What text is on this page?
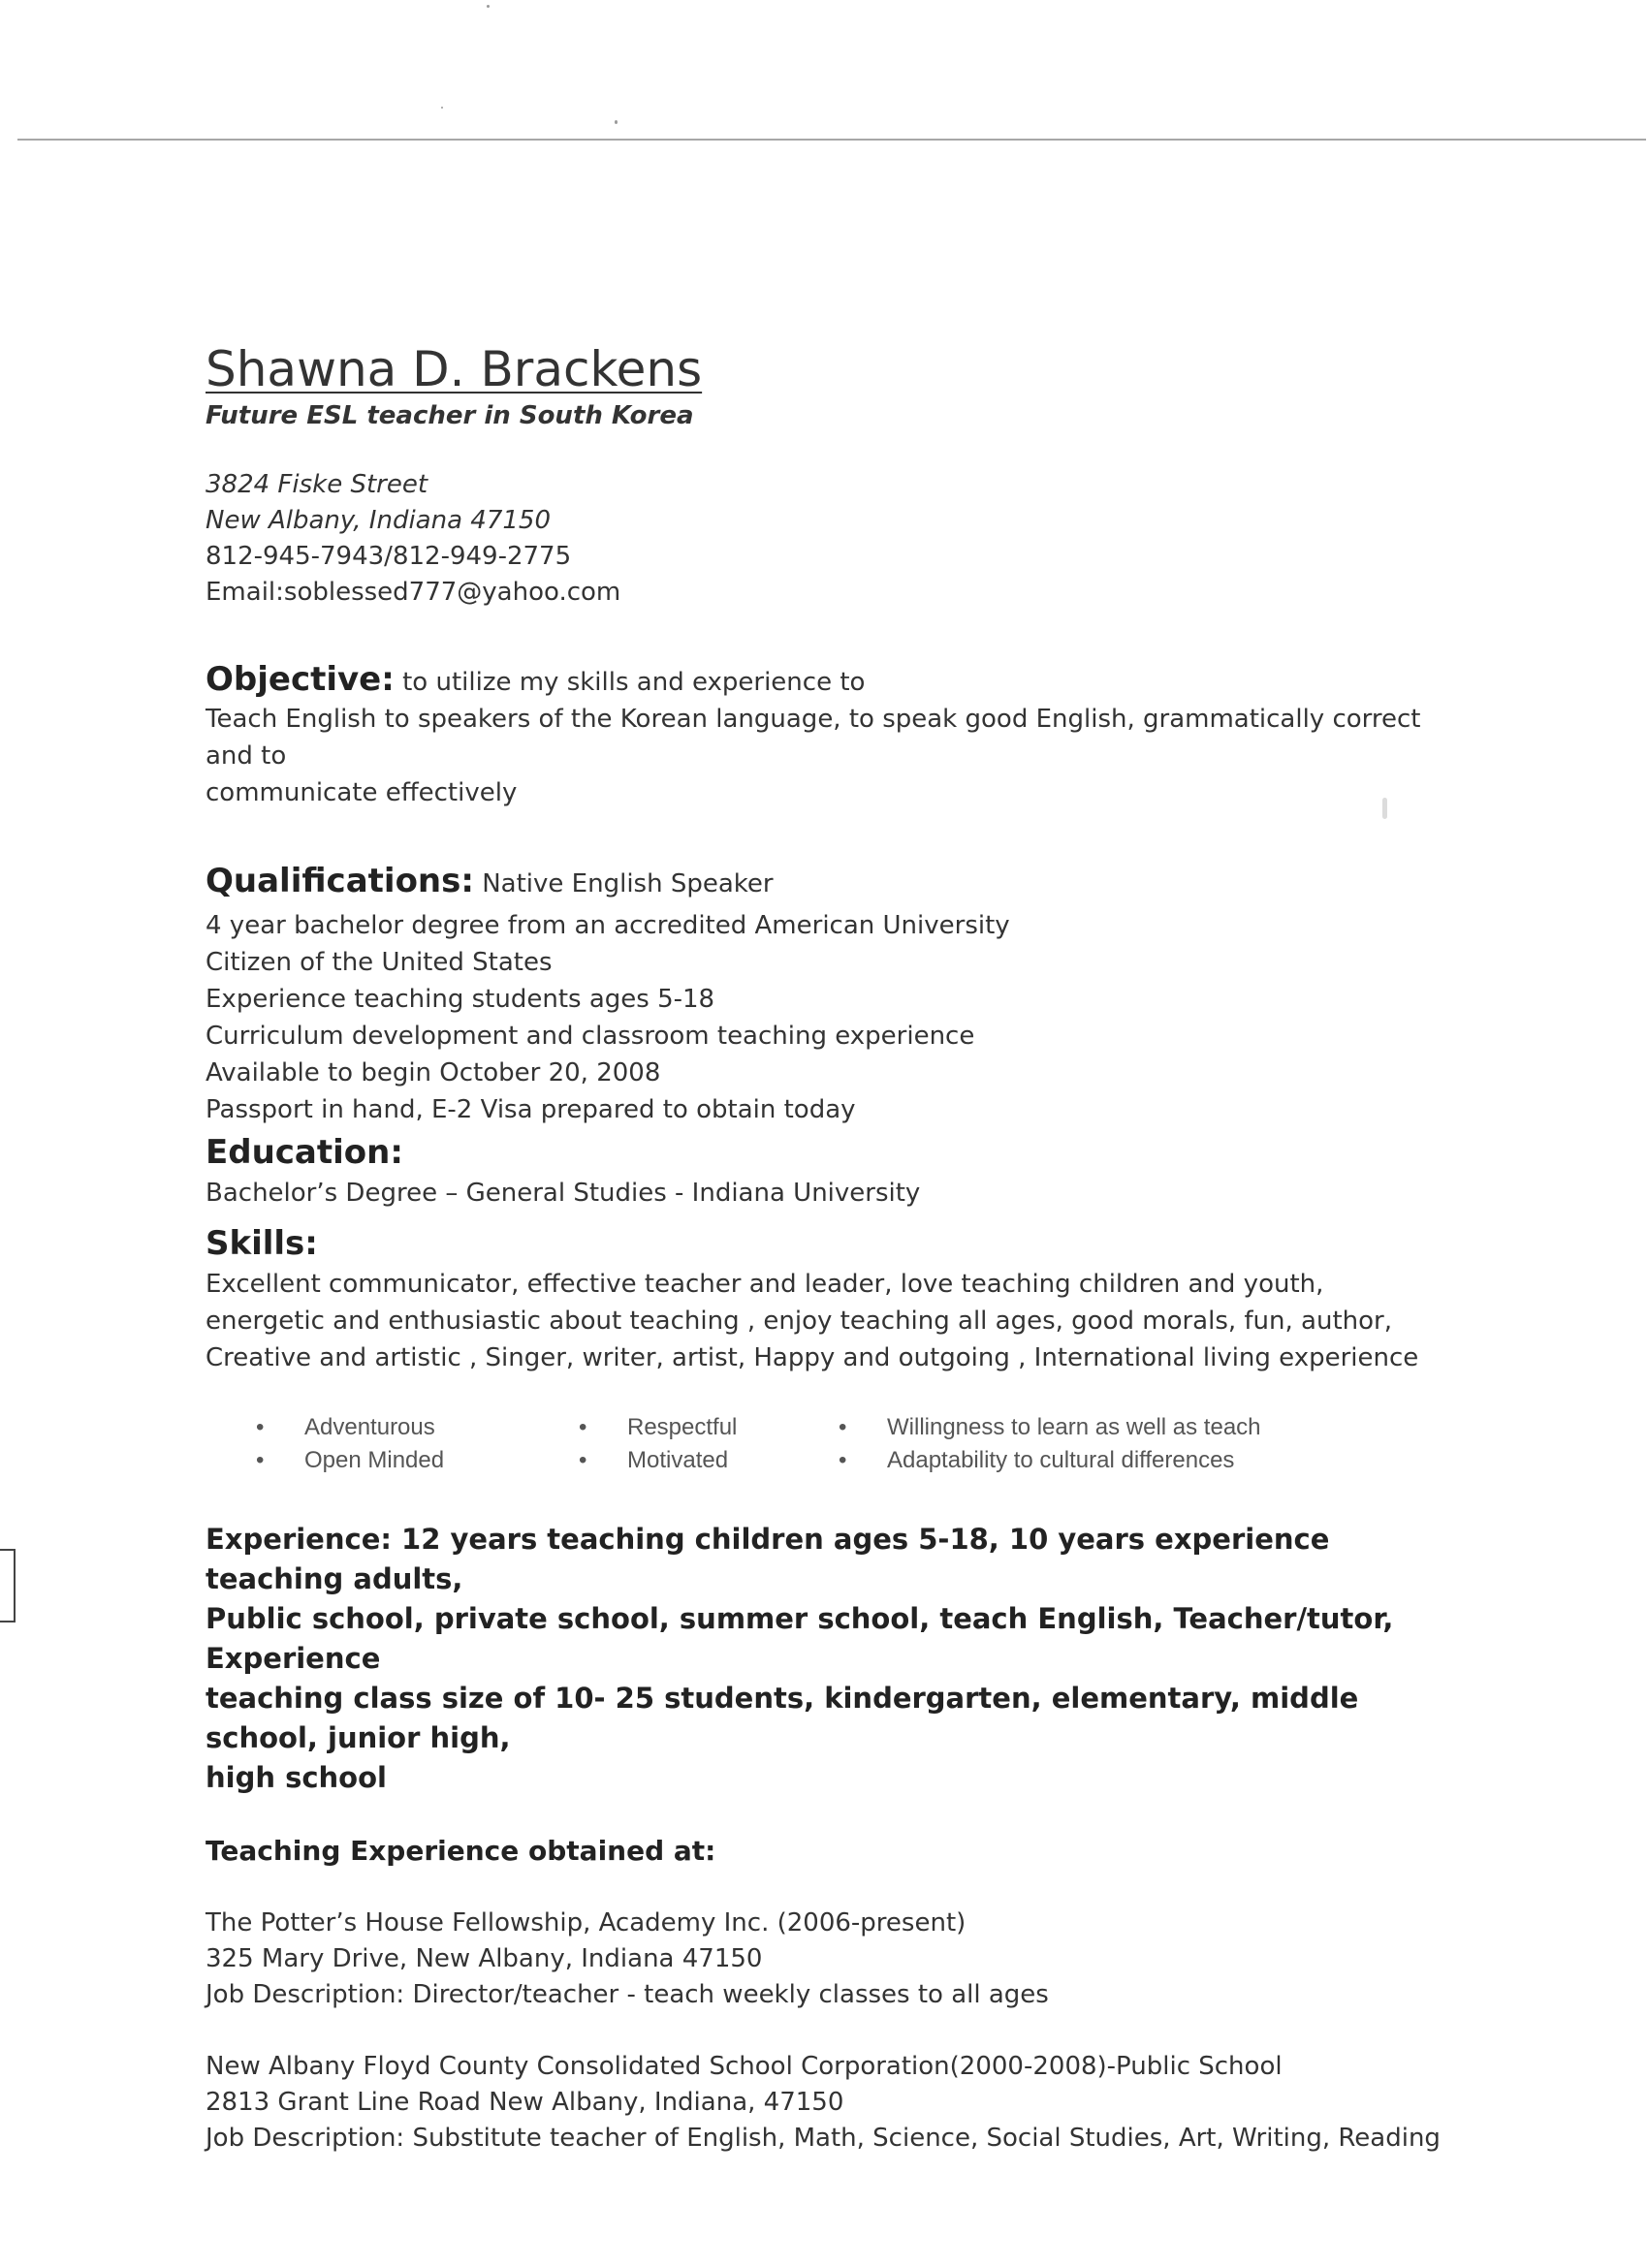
Shawna D. Brackens
Future ESL teacher in South Korea
3824 Fiske Street
New Albany, Indiana 47150
812-945-7943/812-949-2775
Email:soblessed777@yahoo.com
Objective: to utilize my skills and experience to
Teach English to speakers of the Korean language, to speak good English, grammatically correct and to
communicate effectively
Qualifications: Native English Speaker
4 year bachelor degree from an accredited American University
Citizen of the United States
Experience teaching students ages 5-18
Curriculum development and classroom teaching experience
Available to begin October 20, 2008
Passport in hand, E-2 Visa prepared to obtain today
Education:
Bachelor’s Degree – General Studies - Indiana University
Skills:
Excellent communicator, effective teacher and leader, love teaching children and youth,
energetic and enthusiastic about teaching , enjoy teaching all ages, good morals, fun, author,
Creative and artistic , Singer, writer, artist, Happy and outgoing , International living experience
• Adventurous
• Open Minded
• Respectful
• Motivated
• Willingness to learn as well as teach
• Adaptability to cultural differences
Experience: 12 years teaching children ages 5-18, 10 years experience teaching adults,
Public school, private school, summer school, teach English, Teacher/tutor, Experience
teaching class size of 10- 25 students, kindergarten, elementary, middle school, junior high,
high school
Teaching Experience obtained at:
The Potter’s House Fellowship, Academy Inc. (2006-present)
325 Mary Drive, New Albany, Indiana 47150
Job Description: Director/teacher - teach weekly classes to all ages
New Albany Floyd County Consolidated School Corporation(2000-2008)-Public School
2813 Grant Line Road New Albany, Indiana, 47150
Job Description: Substitute teacher of English, Math, Science, Social Studies, Art, Writing, Reading
